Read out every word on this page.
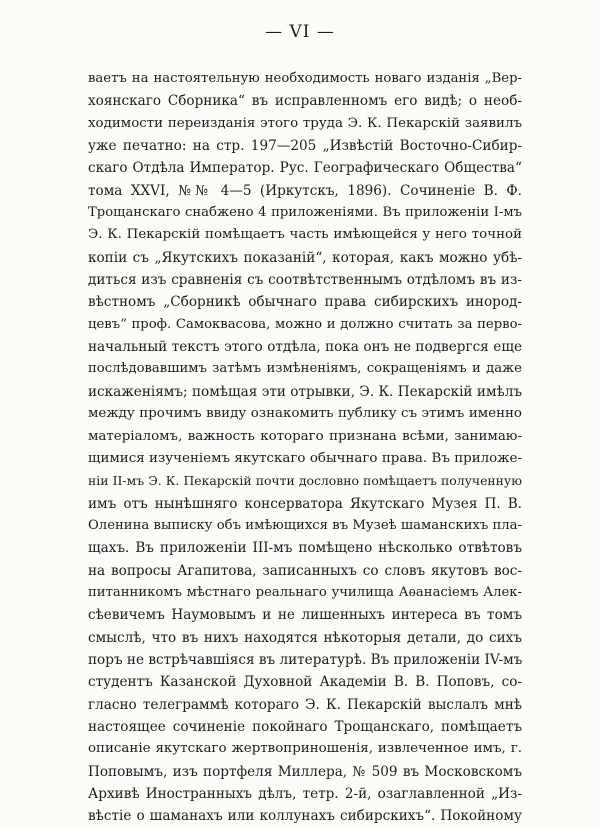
— VI —
ваетъ на настоятельную необходимость новаго изданія „Вер-
хоянскаго Сборника“ въ исправленномъ его видѣ; о необ-
ходимости переизданія этого труда Э. К. Пекарскій заявилъ
уже печатно: на стр. 197—205 „Извѣстій Восточно-Сибир-
скаго Отдѣла Император. Рус. Географическаго Общества“
тома XXVI, №№ 4—5 (Иркутскъ, 1896). Сочиненіе В. Ф.
Трощанскаго снабжено 4 приложеніями. Въ приложеніи I-мъ
Э. К. Пекарскій помѣщаетъ часть имѣющейся у него точной
копіи съ „Якутскихъ показаній“, которая, какъ можно убѣ-
диться изъ сравненія съ соотвѣтственнымъ отдѣломъ въ из-
вѣстномъ „Сборникѣ обычнаго права сибирскихъ инород-
цевъ“ проф. Самоквасова, можно и должно считать за перво-
начальный текстъ этого отдѣла, пока онъ не подвергся еще
послѣдовавшимъ затѣмъ измѣненіямъ, сокращеніямъ и даже
искаженіямъ; помѣщая эти отрывки, Э. К. Пекарскій имѣлъ
между прочимъ ввиду ознакомить публику съ этимъ именно
матеріаломъ, важность котораго признана всѣми, занимаю-
щимися изученіемъ якутскаго обычнаго права. Въ приложе-
ніи II-мъ Э. К. Пекарскій почти дословно помѣщаетъ полученную
имъ отъ нынѣшняго консерватора Якутскаго Музея П. В.
Оленина выписку объ имѣющихся въ Музеѣ шаманскихъ пла-
щахъ. Въ приложеніи III-мъ помѣщено нѣсколько отвѣтовъ
на вопросы Агапитова, записанныхъ со словъ якутовъ вос-
питанникомъ мѣстнаго реальнаго училища Аѳанасіемъ Алек-
сѣевичемъ Наумовымъ и не лишенныхъ интереса въ томъ
смыслѣ, что въ нихъ находятся нѣкоторыя детали, до сихъ
поръ не встрѣчавшіяся въ литературѣ. Въ приложеніи IV-мъ
студентъ Казанской Духовной Академіи В. В. Поповъ, со-
гласно телеграммѣ котораго Э. К. Пекарскій выслалъ мнѣ
настоящее сочиненіе покойнаго Трощанскаго, помѣщаетъ
описаніе якутскаго жертвоприношенія, извлеченное имъ, г.
Поповымъ, изъ портфеля Миллера, № 509 въ Московскомъ
Архивѣ Иностранныхъ дѣлъ, тетр. 2-й, озаглавленной „Из-
вѣстіе о шаманахъ или коллунахъ сибирскихъ“. Покойному
